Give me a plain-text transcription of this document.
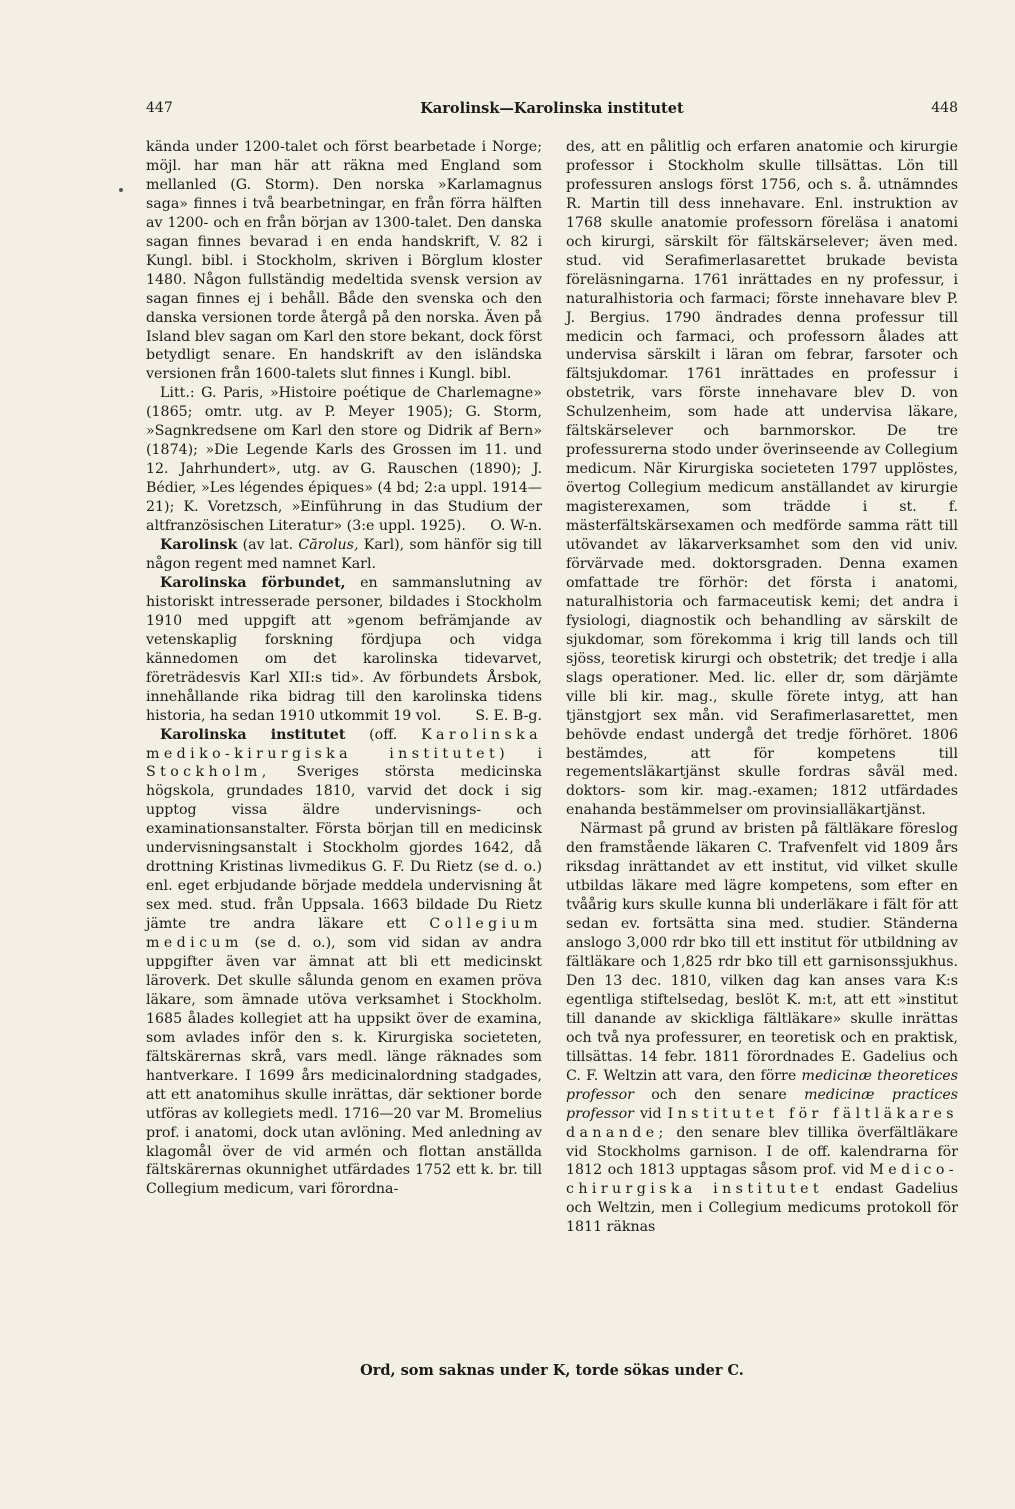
447	Karolinsk—Karolinska institutet	448

kända under 1200-talet och först bearbetade i Norge; möjl. har man här att räkna med England som mellanled (G. Storm). Den norska »Karlamagnus saga» finnes i två bearbetningar, en från förra hälften av 1200- och en från början av 1300-talet. Den danska sagan finnes bevarad i en enda handskrift, V. 82 i Kungl. bibl. i Stockholm, skriven i Börglum kloster 1480. Någon fullständig medeltida svensk version av sagan finnes ej i behåll. Både den svenska och den danska versionen torde återgå på den norska. Även på Island blev sagan om Karl den store bekant, dock först betydligt senare. En handskrift av den isländska versionen från 1600-talets slut finnes i Kungl. bibl.

Litt.: G. Paris, »Histoire poétique de Charlemagne» (1865; omtr. utg. av P. Meyer 1905); G. Storm, »Sagnkredsene om Karl den store og Didrik af Bern» (1874); »Die Legende Karls des Grossen im 11. und 12. Jahrhundert», utg. av G. Rauschen (1890); J. Bédier, »Les légendes épiques» (4 bd; 2:a uppl. 1914—21); K. Voretzsch, »Einführung in das Studium der altfranzösischen Literatur» (3:e uppl. 1925).	O. W-n.

Karolinsk (av lat. Cărolus, Karl), som hänför sig till någon regent med namnet Karl.

Karolinska förbundet, en sammanslutning av historiskt intresserade personer, bildades i Stockholm 1910 med uppgift att »genom befrämjande av vetenskaplig forskning fördjupa och vidga kännedomen om det karolinska tidevarvet, företrädesvis Karl XII:s tid». Av förbundets Årsbok, innehållande rika bidrag till den karolinska tidens historia, ha sedan 1910 utkommit 19 vol.	S. E. B-g.

Karolinska institutet (off. Karolinska mediko-kirurgiska institutet) i Stockholm, Sveriges största medicinska högskola, grundades 1810, varvid det dock i sig upptog vissa äldre undervisnings- och examinationsanstalter. Första början till en medicinsk undervisningsanstalt i Stockholm gjordes 1642, då drottning Kristinas livmedikus G. F. Du Rietz (se d. o.) enl. eget erbjudande började meddela undervisning åt sex med. stud. från Uppsala. 1663 bildade Du Rietz jämte tre andra läkare ett Collegium medicum (se d. o.), som vid sidan av andra uppgifter även var ämnat att bli ett medicinskt läroverk. Det skulle sålunda genom en examen pröva läkare, som ämnade utöva verksamhet i Stockholm. 1685 ålades kollegiet att ha uppsikt över de examina, som avlades inför den s. k. Kirurgiska societeten, fältskärernas skrå, vars medl. länge räknades som hantverkare. I 1699 års medicinalordning stadgades, att ett anatomihus skulle inrättas, där sektioner borde utföras av kollegiets medl. 1716—20 var M. Bromelius prof. i anatomi, dock utan avlöning. Med anledning av klagomål över de vid armén och flottan anställda fältskärernas okunnighet utfärdades 1752 ett k. br. till Collegium medicum, vari förordna-

des, att en pålitlig och erfaren anatomie och kirurgie professor i Stockholm skulle tillsättas. Lön till professuren anslogs först 1756, och s. å. utnämndes R. Martin till dess innehavare. Enl. instruktion av 1768 skulle anatomie professorn föreläsa i anatomi och kirurgi, särskilt för fältskärselever; även med. stud. vid Serafimerlasarettet brukade bevista föreläsningarna. 1761 inrättades en ny professur, i naturalhistoria och farmaci; förste innehavare blev P. J. Bergius. 1790 ändrades denna professur till medicin och farmaci, och professorn ålades att undervisa särskilt i läran om febrar, farsoter och fältsjukdomar. 1761 inrättades en professur i obstetrik, vars förste innehavare blev D. von Schulzenheim, som hade att undervisa läkare, fältskärselever och barnmorskor. De tre professurerna stodo under överinseende av Collegium medicum. När Kirurgiska societeten 1797 upplöstes, övertog Collegium medicum anställandet av kirurgie magisterexamen, som trädde i st. f. mästerfältskärsexamen och medförde samma rätt till utövandet av läkarverksamhet som den vid univ. förvärvade med. doktorsgraden. Denna examen omfattade tre förhör: det första i anatomi, naturalhistoria och farmaceutisk kemi; det andra i fysiologi, diagnostik och behandling av särskilt de sjukdomar, som förekomma i krig till lands och till sjöss, teoretisk kirurgi och obstetrik; det tredje i alla slags operationer. Med. lic. eller dr, som därjämte ville bli kir. mag., skulle förete intyg, att han tjänstgjort sex mån. vid Serafimerlasarettet, men behövde endast undergå det tredje förhöret. 1806 bestämdes, att för kompetens till regementsläkartjänst skulle fordras såväl med. doktors- som kir. mag.-examen; 1812 utfärdades enahanda bestämmelser om provinsialläkartjänst.

Närmast på grund av bristen på fältläkare föreslog den framstående läkaren C. Trafvenfelt vid 1809 års riksdag inrättandet av ett institut, vid vilket skulle utbildas läkare med lägre kompetens, som efter en tvåårig kurs skulle kunna bli underläkare i fält för att sedan ev. fortsätta sina med. studier. Ständerna anslogo 3,000 rdr bko till ett institut för utbildning av fältläkare och 1,825 rdr bko till ett garnisonssjukhus. Den 13 dec. 1810, vilken dag kan anses vara K:s egentliga stiftelsedag, beslöt K. m:t, att ett »institut till danande av skickliga fältläkare» skulle inrättas och två nya professurer, en teoretisk och en praktisk, tillsättas. 14 febr. 1811 förordnades E. Gadelius och C. F. Weltzin att vara, den förre medicinæ theoretices professor och den senare medicinæ practices professor vid Institutet för fältläkares danande; den senare blev tillika överfältläkare vid Stockholms garnison. I de off. kalendrarna för 1812 och 1813 upptagas såsom prof. vid Medico-chirurgiska institutet endast Gadelius och Weltzin, men i Collegium medicums protokoll för 1811 räknas

Ord, som saknas under K, torde sökas under C.
